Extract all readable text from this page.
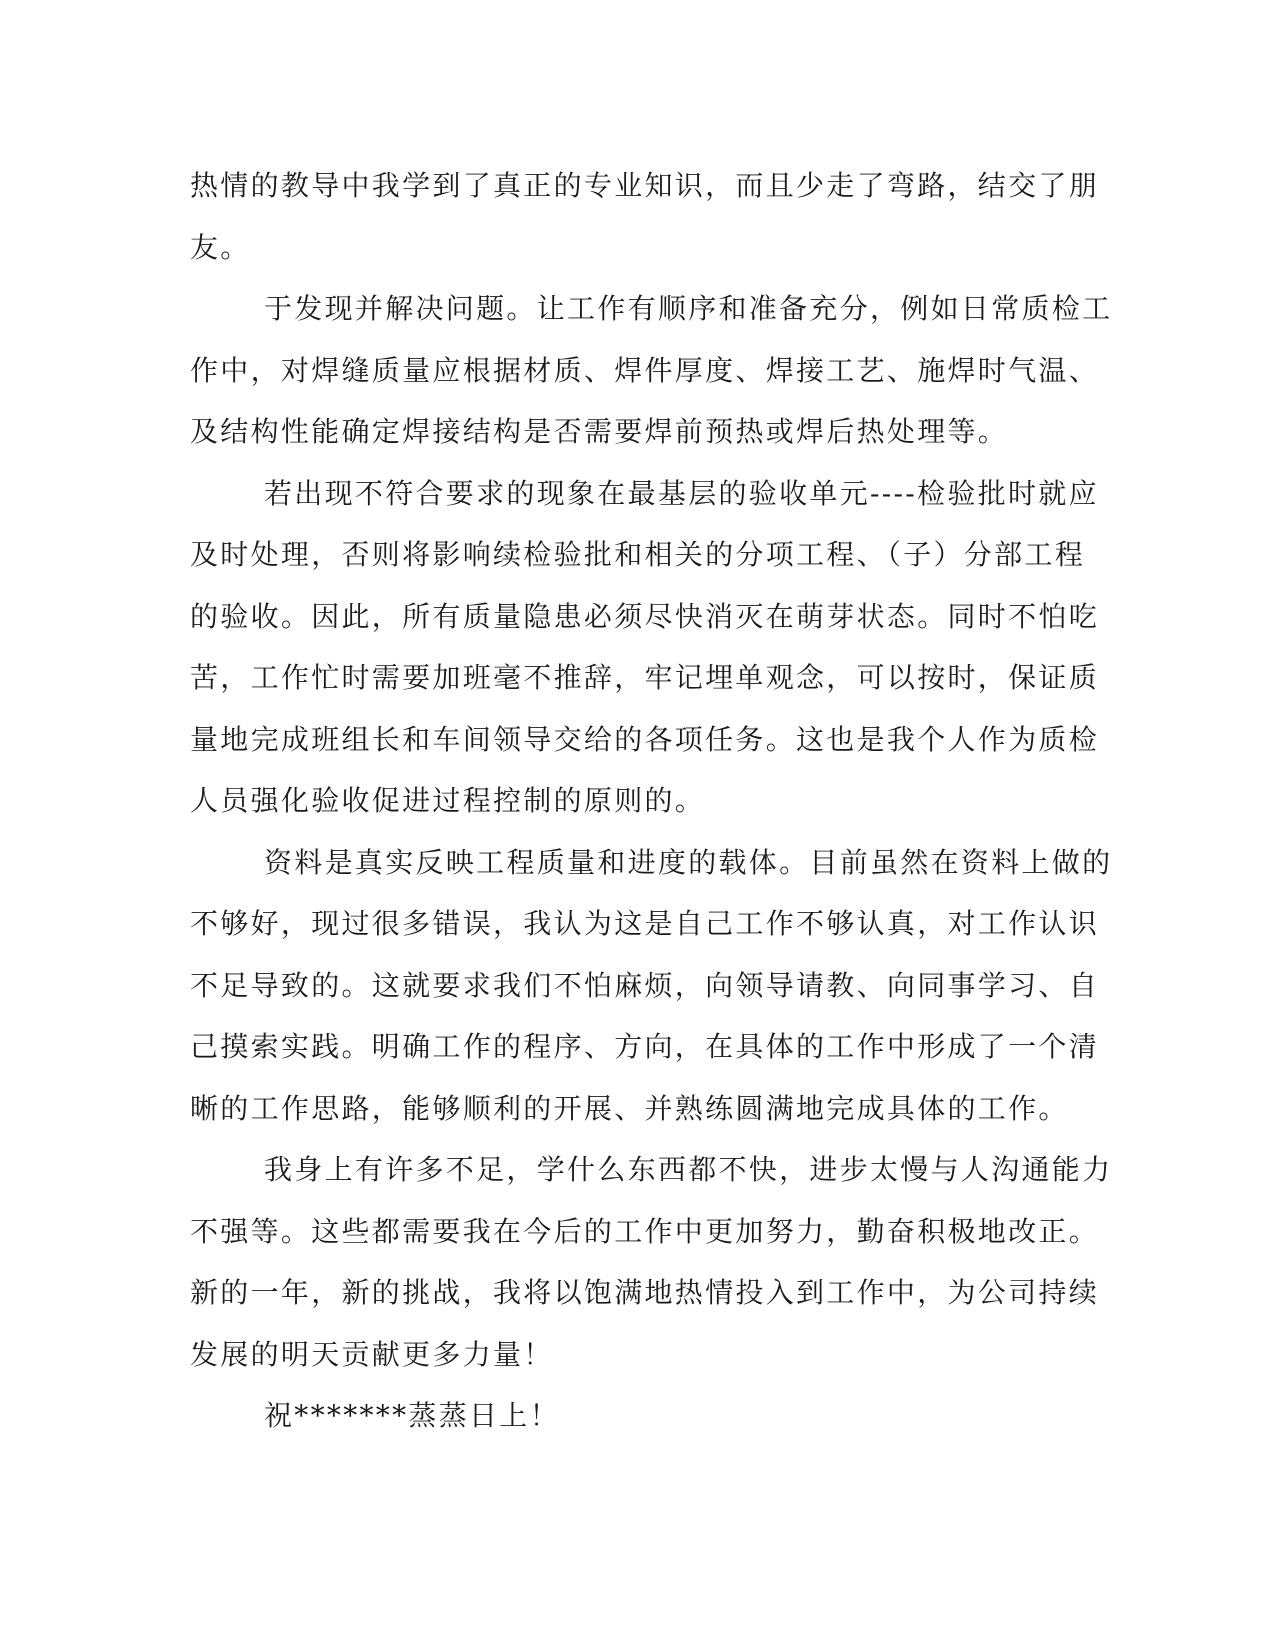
热情的教导中我学到了真正的专业知识，而且少走了弯路，结交了朋
友。
于发现并解决问题。让工作有顺序和准备充分，例如日常质检工
作中，对焊缝质量应根据材质、焊件厚度、焊接工艺、施焊时气温、
及结构性能确定焊接结构是否需要焊前预热或焊后热处理等。
若出现不符合要求的现象在最基层的验收单元----检验批时就应
及时处理，否则将影响续检验批和相关的分项工程、（子）分部工程
的验收。因此，所有质量隐患必须尽快消灭在萌芽状态。同时不怕吃
苦，工作忙时需要加班毫不推辞，牢记埋单观念，可以按时，保证质
量地完成班组长和车间领导交给的各项任务。这也是我个人作为质检
人员强化验收促进过程控制的原则的。
资料是真实反映工程质量和进度的载体。目前虽然在资料上做的
不够好，现过很多错误，我认为这是自己工作不够认真，对工作认识
不足导致的。这就要求我们不怕麻烦，向领导请教、向同事学习、自
己摸索实践。明确工作的程序、方向，在具体的工作中形成了一个清
晰的工作思路，能够顺利的开展、并熟练圆满地完成具体的工作。
我身上有许多不足，学什么东西都不快，进步太慢与人沟通能力
不强等。这些都需要我在今后的工作中更加努力，勤奋积极地改正。
新的一年，新的挑战，我将以饱满地热情投入到工作中，为公司持续
发展的明天贡献更多力量！
祝*******蒸蒸日上！
